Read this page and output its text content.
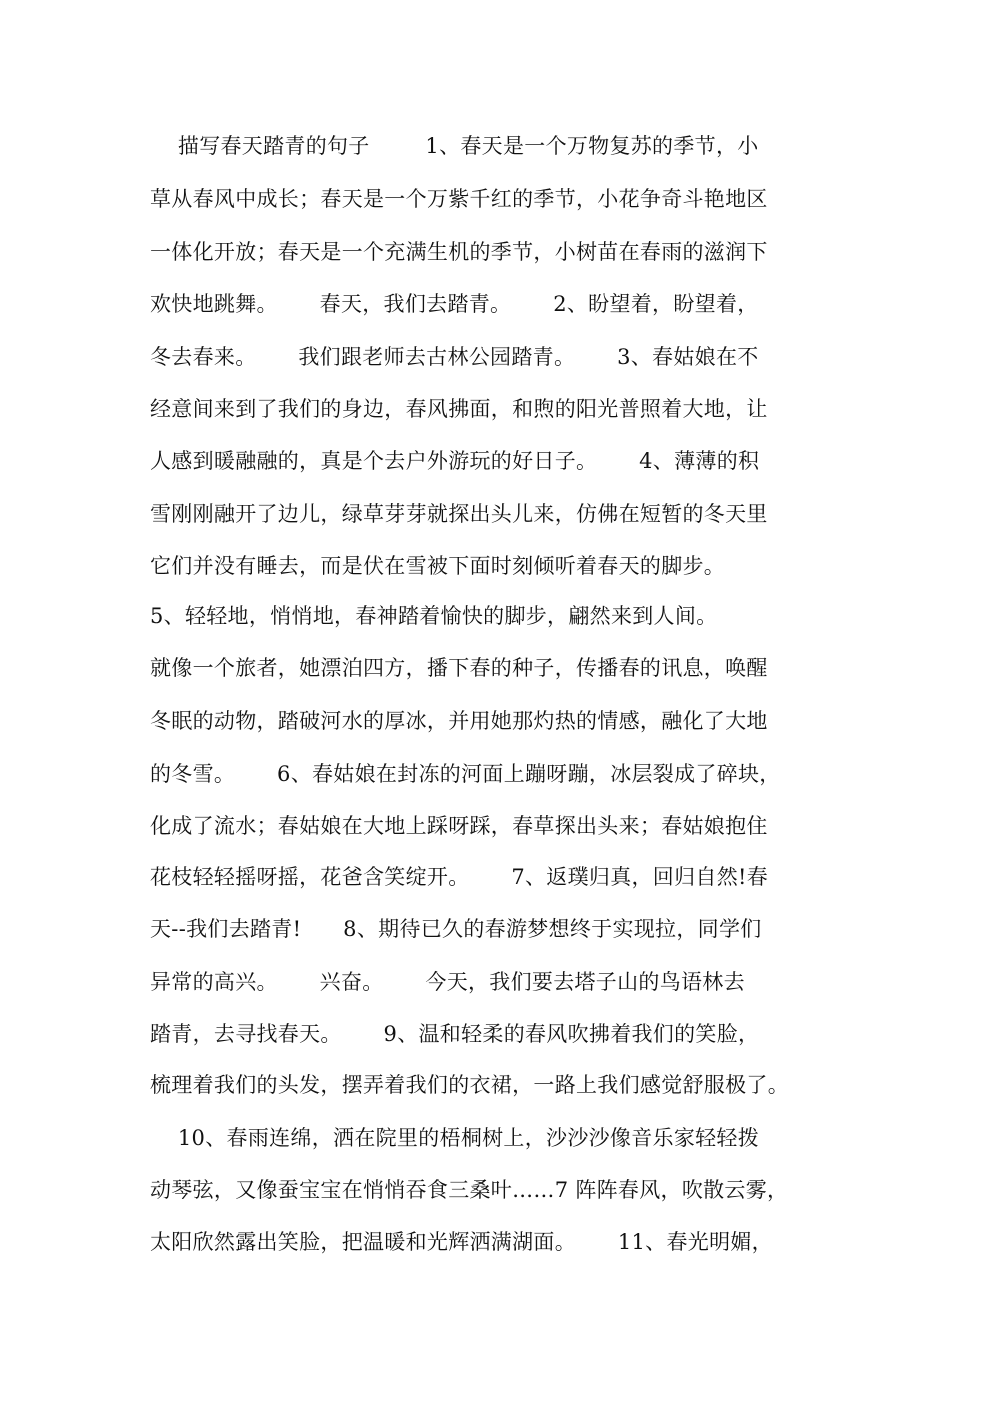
描写春天踏青的句子        1、春天是一个万物复苏的季节，小
草从春风中成长；春天是一个万紫千红的季节，小花争奇斗艳地区
一体化开放；春天是一个充满生机的季节，小树苗在春雨的滋润下
欢快地跳舞。      春天，我们去踏青。      2、盼望着，盼望着，
冬去春来。      我们跟老师去古林公园踏青。      3、春姑娘在不
经意间来到了我们的身边，春风拂面，和煦的阳光普照着大地，让
人感到暖融融的，真是个去户外游玩的好日子。      4、薄薄的积
雪刚刚融开了边儿，绿草芽芽就探出头儿来，仿佛在短暂的冬天里
它们并没有睡去，而是伏在雪被下面时刻倾听着春天的脚步。
5、轻轻地，悄悄地，春神踏着愉快的脚步，翩然来到人间。
就像一个旅者，她漂泊四方，播下春的种子，传播春的讯息，唤醒
冬眠的动物，踏破河水的厚冰，并用她那灼热的情感，融化了大地
的冬雪。      6、春姑娘在封冻的河面上蹦呀蹦，冰层裂成了碎块，
化成了流水；春姑娘在大地上踩呀踩，春草探出头来；春姑娘抱住
花枝轻轻摇呀摇，花爸含笑绽开。      7、返璞归真，回归自然!春
天--我们去踏青!      8、期待已久的春游梦想终于实现拉，同学们
异常的高兴。      兴奋。      今天，我们要去塔子山的鸟语林去
踏青，去寻找春天。      9、温和轻柔的春风吹拂着我们的笑脸，
梳理着我们的头发，摆弄着我们的衣裙，一路上我们感觉舒服极了。
10、春雨连绵，洒在院里的梧桐树上，沙沙沙像音乐家轻轻拨
动琴弦，又像蚕宝宝在悄悄吞食三桑叶……7 阵阵春风，吹散云雾，
太阳欣然露出笑脸，把温暖和光辉洒满湖面。      11、春光明媚，
